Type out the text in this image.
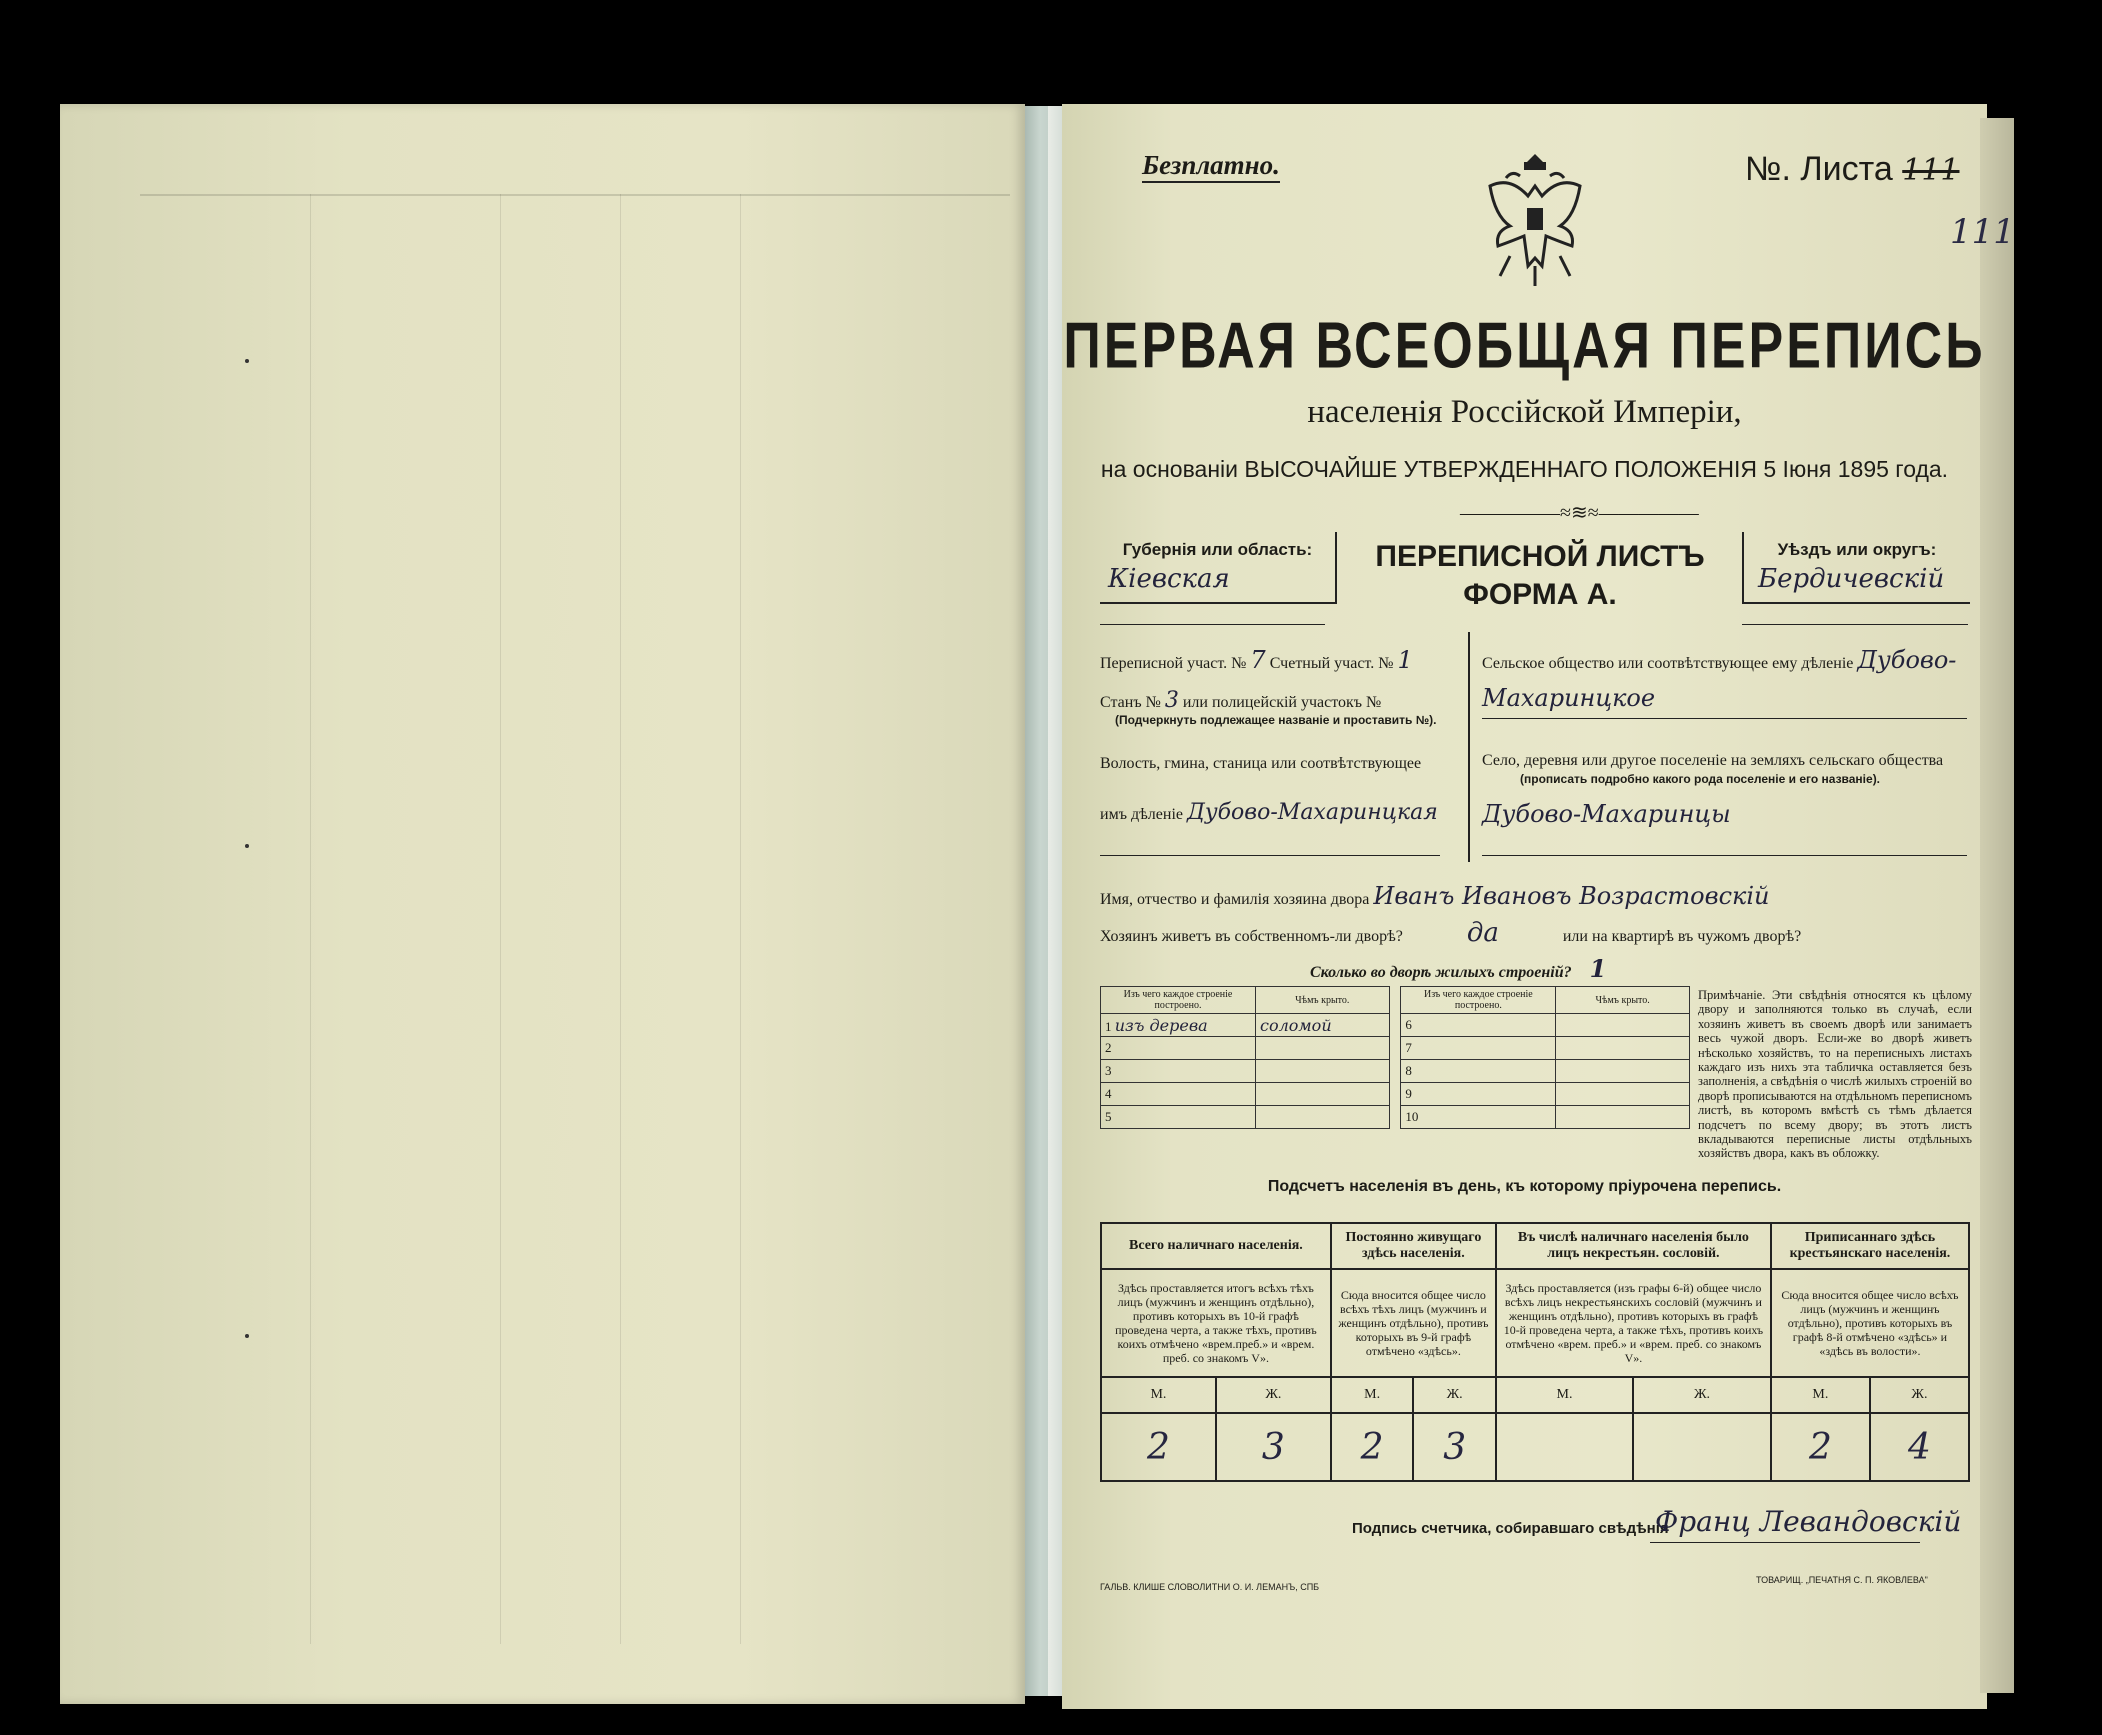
Безплатно.	№. Листа 111
111
ПЕРВАЯ ВСЕОБЩАЯ ПЕРЕПИСЬ
населенія Россійской Имперіи,
на основаніи ВЫСОЧАЙШЕ УТВЕРЖДЕННАГО ПОЛОЖЕНІЯ 5 Іюня 1895 года.
—————≈≋≈—————
Губернія или область:
Кіевская
ПЕРЕПИСНОЙ ЛИСТЪ
ФОРМА А.
Уѣздъ или округъ:
Бердичевскій
Переписной участ. № 7 Счетный участ. № 1
Станъ № 3 или полицейскій участокъ №
(Подчеркнуть подлежащее названіе и проставить №).
Волость, гмина, станица или соотвѣтствующее
имъ дѣленіе Дубово-Махаринцкая
Сельское общество или соотвѣтствующее ему дѣленіе Дубово-
Махаринцкое
Село, деревня или другое поселеніе на земляхъ сельскаго общества
(прописать подробно какого рода поселеніе и его названіе).
Дубово-Махаринцы
Имя, отчество и фамилія хозяина двора Иванъ Ивановъ Возрастовскій
Хозяинъ живетъ въ собственномъ-ли дворѣ? да	или на квартирѣ въ чужомъ дворѣ?
Сколько во дворѣ жилыхъ строеній? 1
Изъ чего каждое строеніе построено.	Чѣмъ крыто.		Изъ чего каждое строеніе построено.	Чѣмъ крыто.
1 изъ дерева	соломой		6	
2			7	
3			8	
4			9	
5			10	
Примѣчаніе. Эти свѣдѣнія относятся къ цѣлому двору и заполняются только въ случаѣ, если хозяинъ живетъ въ своемъ дворѣ или занимаетъ весь чужой дворъ. Если-же во дворѣ живетъ нѣсколько хозяйствъ, то на переписныхъ листахъ каждаго изъ нихъ эта табличка оставляется безъ заполненія, а свѣдѣнія о числѣ жилыхъ строеній во дворѣ прописываются на отдѣльномъ переписномъ листѣ, въ которомъ вмѣстѣ съ тѣмъ дѣлается подсчетъ по всему двору; въ этотъ листъ вкладываются переписные листы отдѣльныхъ хозяйствъ двора, какъ въ обложку.
Подсчетъ населенія въ день, къ которому пріурочена перепись.
Всего наличнаго населенія.		Постоянно живущаго здѣсь населенія.		Въ числѣ наличнаго населенія было лицъ некрестьян. сословій.		Приписаннаго здѣсь крестьянскаго населенія.	
Здѣсь проставляется итогъ всѣхъ тѣхъ лицъ (мужчинъ и женщинъ отдѣльно), противъ которыхъ въ 10-й графѣ проведена черта, а также тѣхъ, противъ коихъ отмѣчено «врем.преб.» и «врем. преб. со знакомъ V».		Сюда вносится общее число всѣхъ тѣхъ лицъ (мужчинъ и женщинъ отдѣльно), противъ которыхъ въ 9-й графѣ отмѣчено «здѣсь».		Здѣсь проставляется (изъ графы 6-й) общее число всѣхъ лицъ некрестьянскихъ сословій (мужчинъ и женщинъ отдѣльно), противъ которыхъ въ графѣ 10-й проведена черта, а также тѣхъ, противъ коихъ отмѣчено «врем. преб.» и «врем. преб. со знакомъ V».		Сюда вносится общее число всѣхъ лицъ (мужчинъ и женщинъ отдѣльно), противъ которыхъ въ графѣ 8-й отмѣчено «здѣсь» и «здѣсь въ волости».	
М.	Ж.	М.	Ж.	М.	Ж.	М.	Ж.
2	3	2	3			2	4
Подпись счетчика, собиравшаго свѣдѣнія
Франц Левандовскій
ГАЛЬВ. КЛИШЕ СЛОВОЛИТНИ О. И. ЛЕМАНЪ, СПБ
ТОВАРИЩ. „ПЕЧАТНЯ С. П. ЯКОВЛЕВА"
